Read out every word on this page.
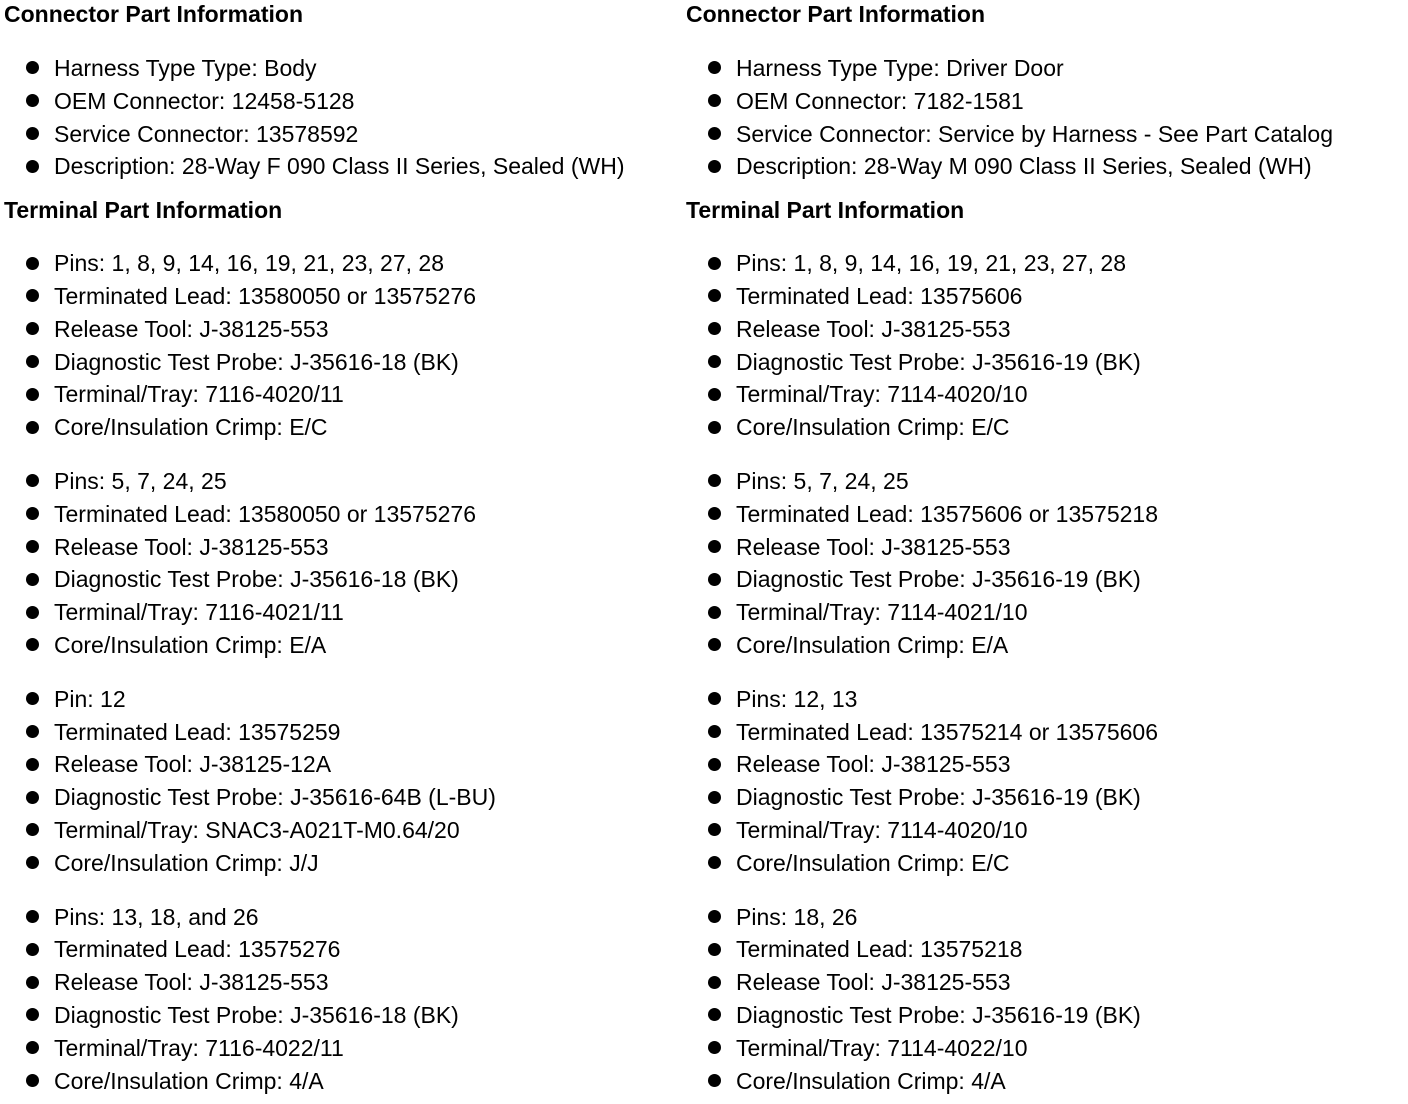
Connector Part Information
Harness Type Type: Body
OEM Connector: 12458-5128
Service Connector: 13578592
Description: 28-Way F 090 Class II Series, Sealed (WH)
Terminal Part Information
Pins: 1, 8, 9, 14, 16, 19, 21, 23, 27, 28
Terminated Lead: 13580050 or 13575276
Release Tool: J-38125-553
Diagnostic Test Probe: J-35616-18 (BK)
Terminal/Tray: 7116-4020/11
Core/Insulation Crimp: E/C
Pins: 5, 7, 24, 25
Terminated Lead: 13580050 or 13575276
Release Tool: J-38125-553
Diagnostic Test Probe: J-35616-18 (BK)
Terminal/Tray: 7116-4021/11
Core/Insulation Crimp: E/A
Pin: 12
Terminated Lead: 13575259
Release Tool: J-38125-12A
Diagnostic Test Probe: J-35616-64B (L-BU)
Terminal/Tray: SNAC3-A021T-M0.64/20
Core/Insulation Crimp: J/J
Pins: 13, 18, and 26
Terminated Lead: 13575276
Release Tool: J-38125-553
Diagnostic Test Probe: J-35616-18 (BK)
Terminal/Tray: 7116-4022/11
Core/Insulation Crimp: 4/A
Connector Part Information
Harness Type Type: Driver Door
OEM Connector: 7182-1581
Service Connector: Service by Harness - See Part Catalog
Description: 28-Way M 090 Class II Series, Sealed (WH)
Terminal Part Information
Pins: 1, 8, 9, 14, 16, 19, 21, 23, 27, 28
Terminated Lead: 13575606
Release Tool: J-38125-553
Diagnostic Test Probe: J-35616-19 (BK)
Terminal/Tray: 7114-4020/10
Core/Insulation Crimp: E/C
Pins: 5, 7, 24, 25
Terminated Lead: 13575606 or 13575218
Release Tool: J-38125-553
Diagnostic Test Probe: J-35616-19 (BK)
Terminal/Tray: 7114-4021/10
Core/Insulation Crimp: E/A
Pins: 12, 13
Terminated Lead: 13575214 or 13575606
Release Tool: J-38125-553
Diagnostic Test Probe: J-35616-19 (BK)
Terminal/Tray: 7114-4020/10
Core/Insulation Crimp: E/C
Pins: 18, 26
Terminated Lead: 13575218
Release Tool: J-38125-553
Diagnostic Test Probe: J-35616-19 (BK)
Terminal/Tray: 7114-4022/10
Core/Insulation Crimp: 4/A
